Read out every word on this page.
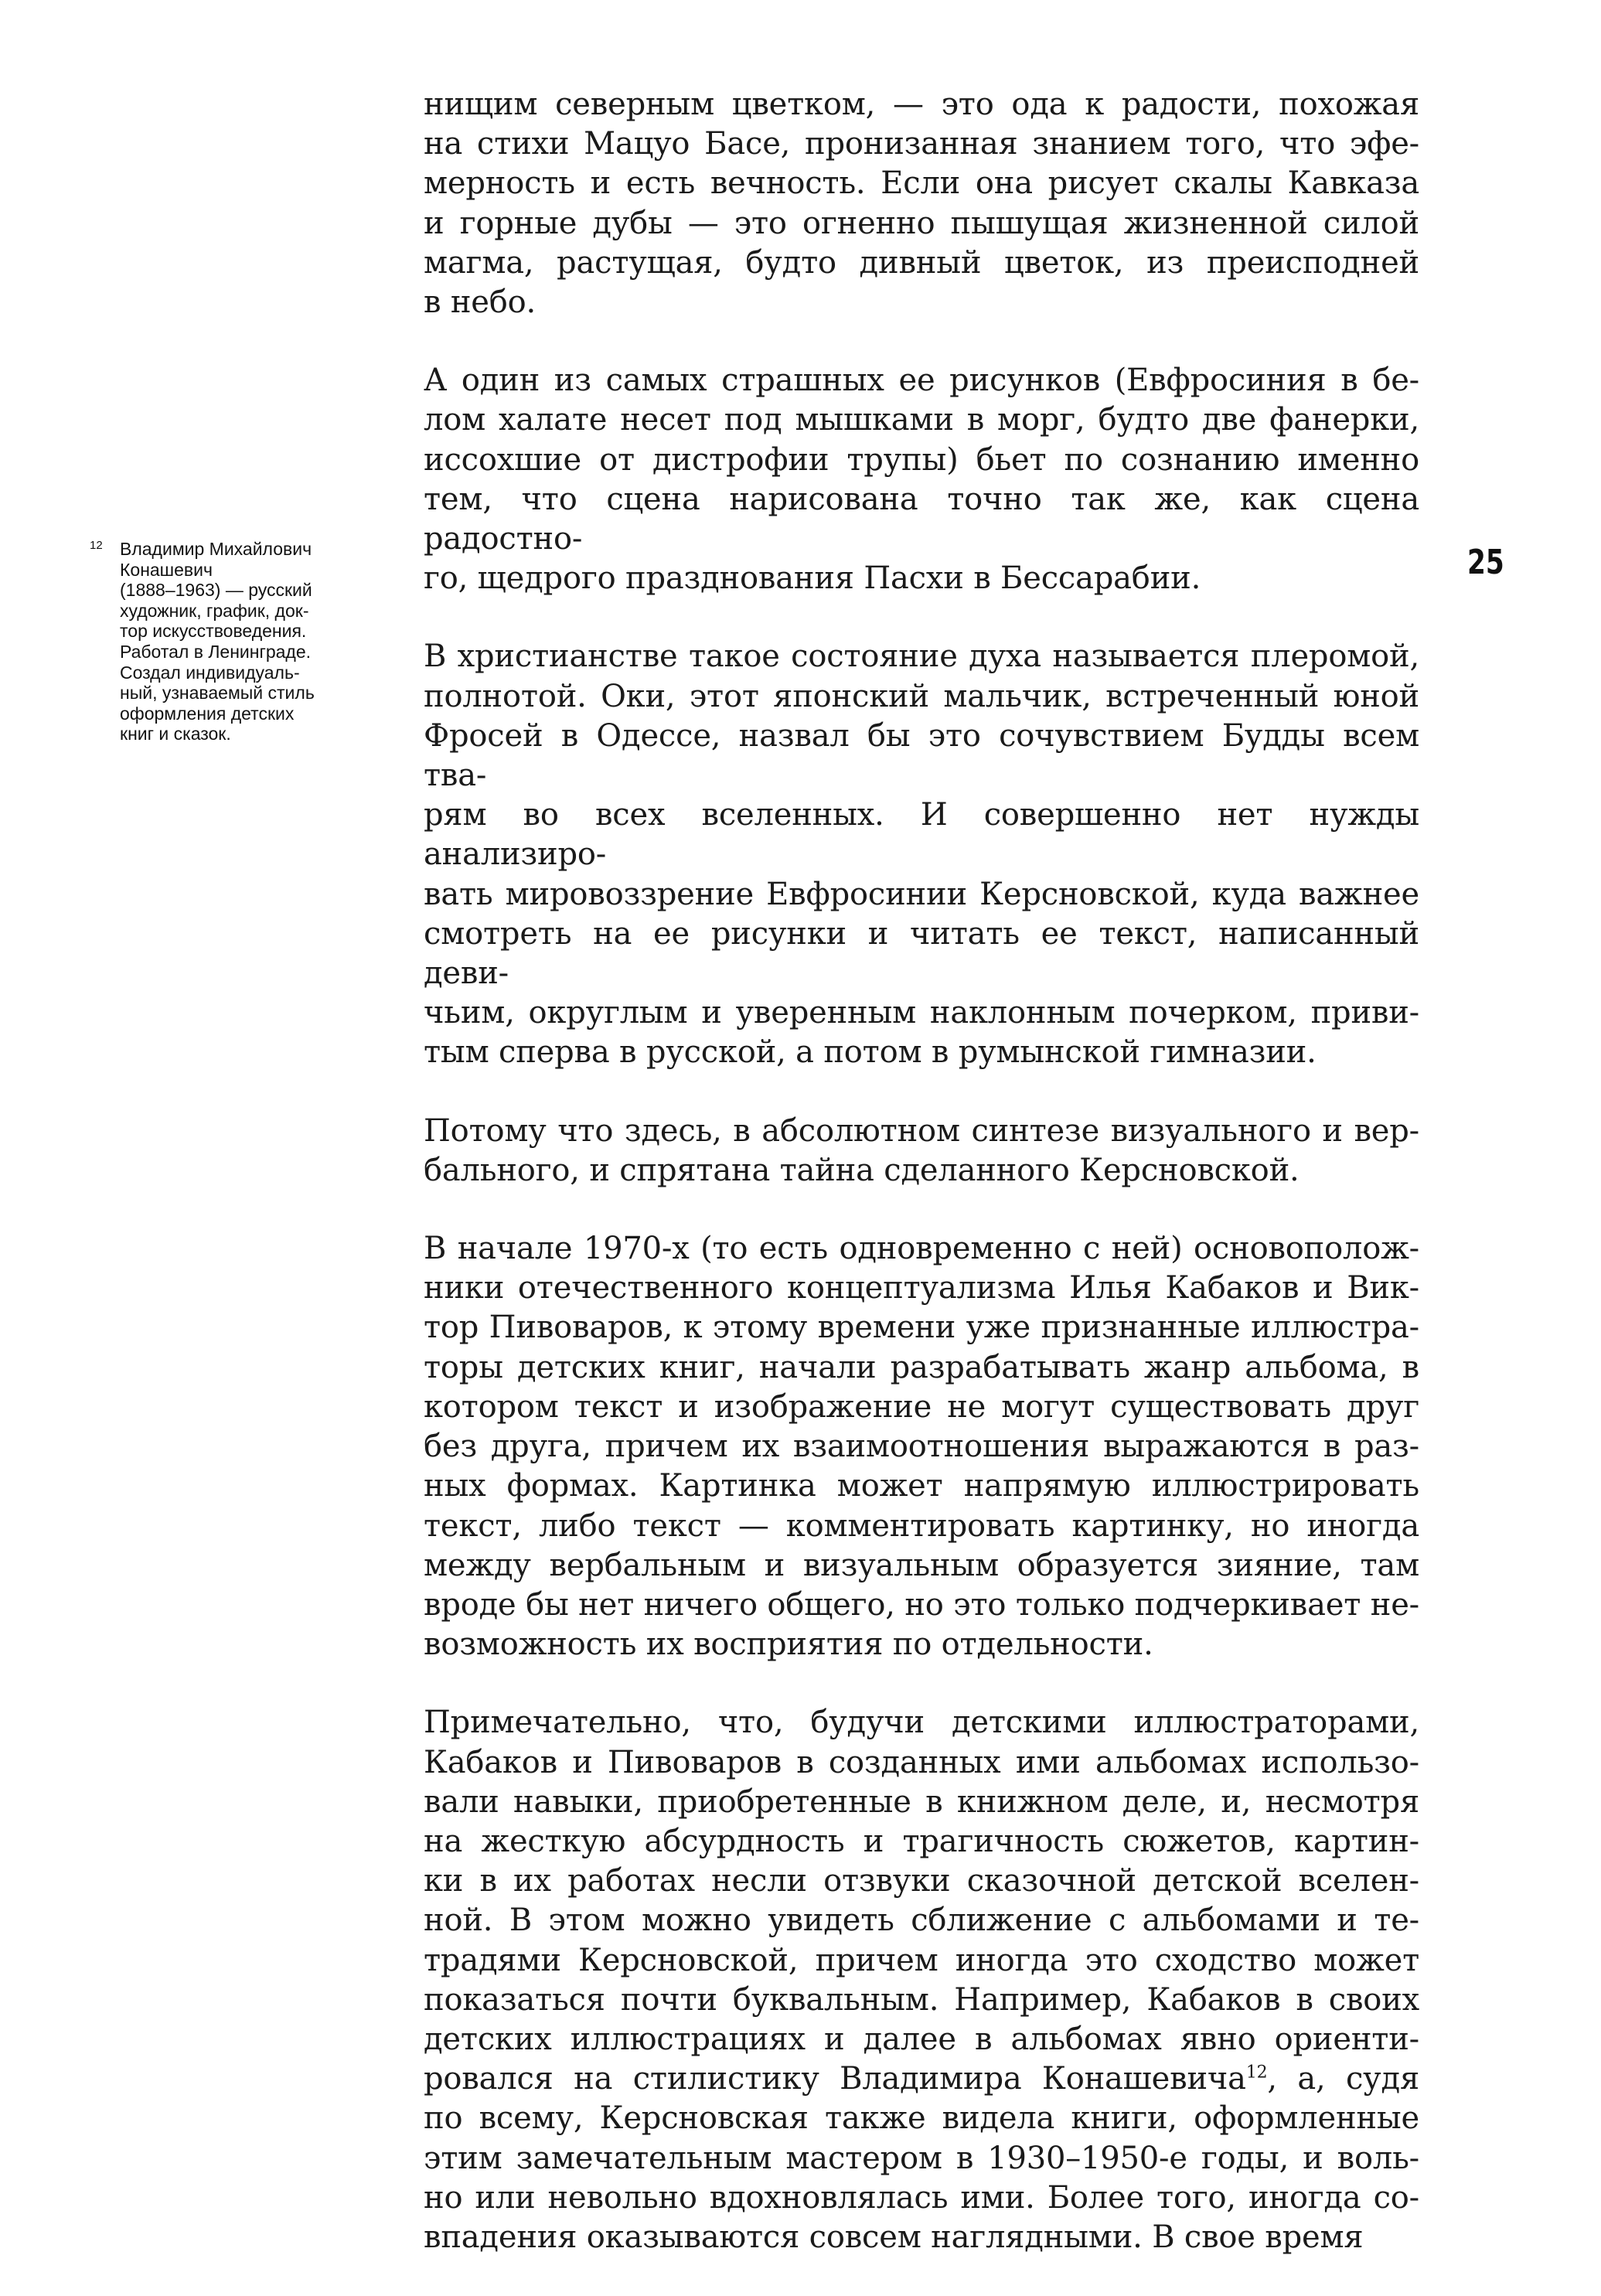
12 Владимир Михайлович
Конашевич
(1888–1963) — русский
художник, график, док-
тор искусствоведения.
Работал в Ленинграде.
Создал индивидуаль-
ный, узнаваемый стиль
оформления детских
книг и сказок.
25

нищим северным цветком, — это ода к радости, похожая
на стихи Мацуо Басе, пронизанная знанием того, что эфе-
мерность и есть вечность. Если она рисует скалы Кавказа
и горные дубы — это огненно пышущая жизненной силой
магма, растущая, будто дивный цветок, из преисподней
в небо.

А один из самых страшных ее рисунков (Евфросиния в бе-
лом халате несет под мышками в морг, будто две фанерки,
иссохшие от дистрофии трупы) бьет по сознанию именно
тем, что сцена нарисована точно так же, как сцена радостно-
го, щедрого празднования Пасхи в Бессарабии.

В христианстве такое состояние духа называется плеромой,
полнотой. Оки, этот японский мальчик, встреченный юной
Фросей в Одессе, назвал бы это сочувствием Будды всем тва-
рям во всех вселенных. И совершенно нет нужды анализиро-
вать мировоззрение Евфросинии Керсновской, куда важнее
смотреть на ее рисунки и читать ее текст, написанный деви-
чьим, округлым и уверенным наклонным почерком, приви-
тым сперва в русской, а потом в румынской гимназии.

Потому что здесь, в абсолютном синтезе визуального и вер-
бального, и спрятана тайна сделанного Керсновской.

В начале 1970-х (то есть одновременно с ней) основополож-
ники отечественного концептуализма Илья Кабаков и Вик-
тор Пивоваров, к этому времени уже признанные иллюстра-
торы детских книг, начали разрабатывать жанр альбома, в
котором текст и изображение не могут существовать друг
без друга, причем их взаимоотношения выражаются в раз-
ных формах. Картинка может напрямую иллюстрировать
текст, либо текст — комментировать картинку, но иногда
между вербальным и визуальным образуется зияние, там
вроде бы нет ничего общего, но это только подчеркивает не-
возможность их восприятия по отдельности.

Примечательно, что, будучи детскими иллюстраторами,
Кабаков и Пивоваров в созданных ими альбомах использо-
вали навыки, приобретенные в книжном деле, и, несмотря
на жесткую абсурдность и трагичность сюжетов, картин-
ки в их работах несли отзвуки сказочной детской вселен-
ной. В этом можно увидеть сближение с альбомами и те-
традями Керсновской, причем иногда это сходство может
показаться почти буквальным. Например, Кабаков в своих
детских иллюстрациях и далее в альбомах явно ориенти-
ровался на стилистику Владимира Конашевича$^{12}$, а, судя
по всему, Керсновская также видела книги, оформленные
этим замечательным мастером в 1930–1950-е годы, и воль-
но или невольно вдохновлялась ими. Более того, иногда со-
впадения оказываются совсем наглядными. В свое время
